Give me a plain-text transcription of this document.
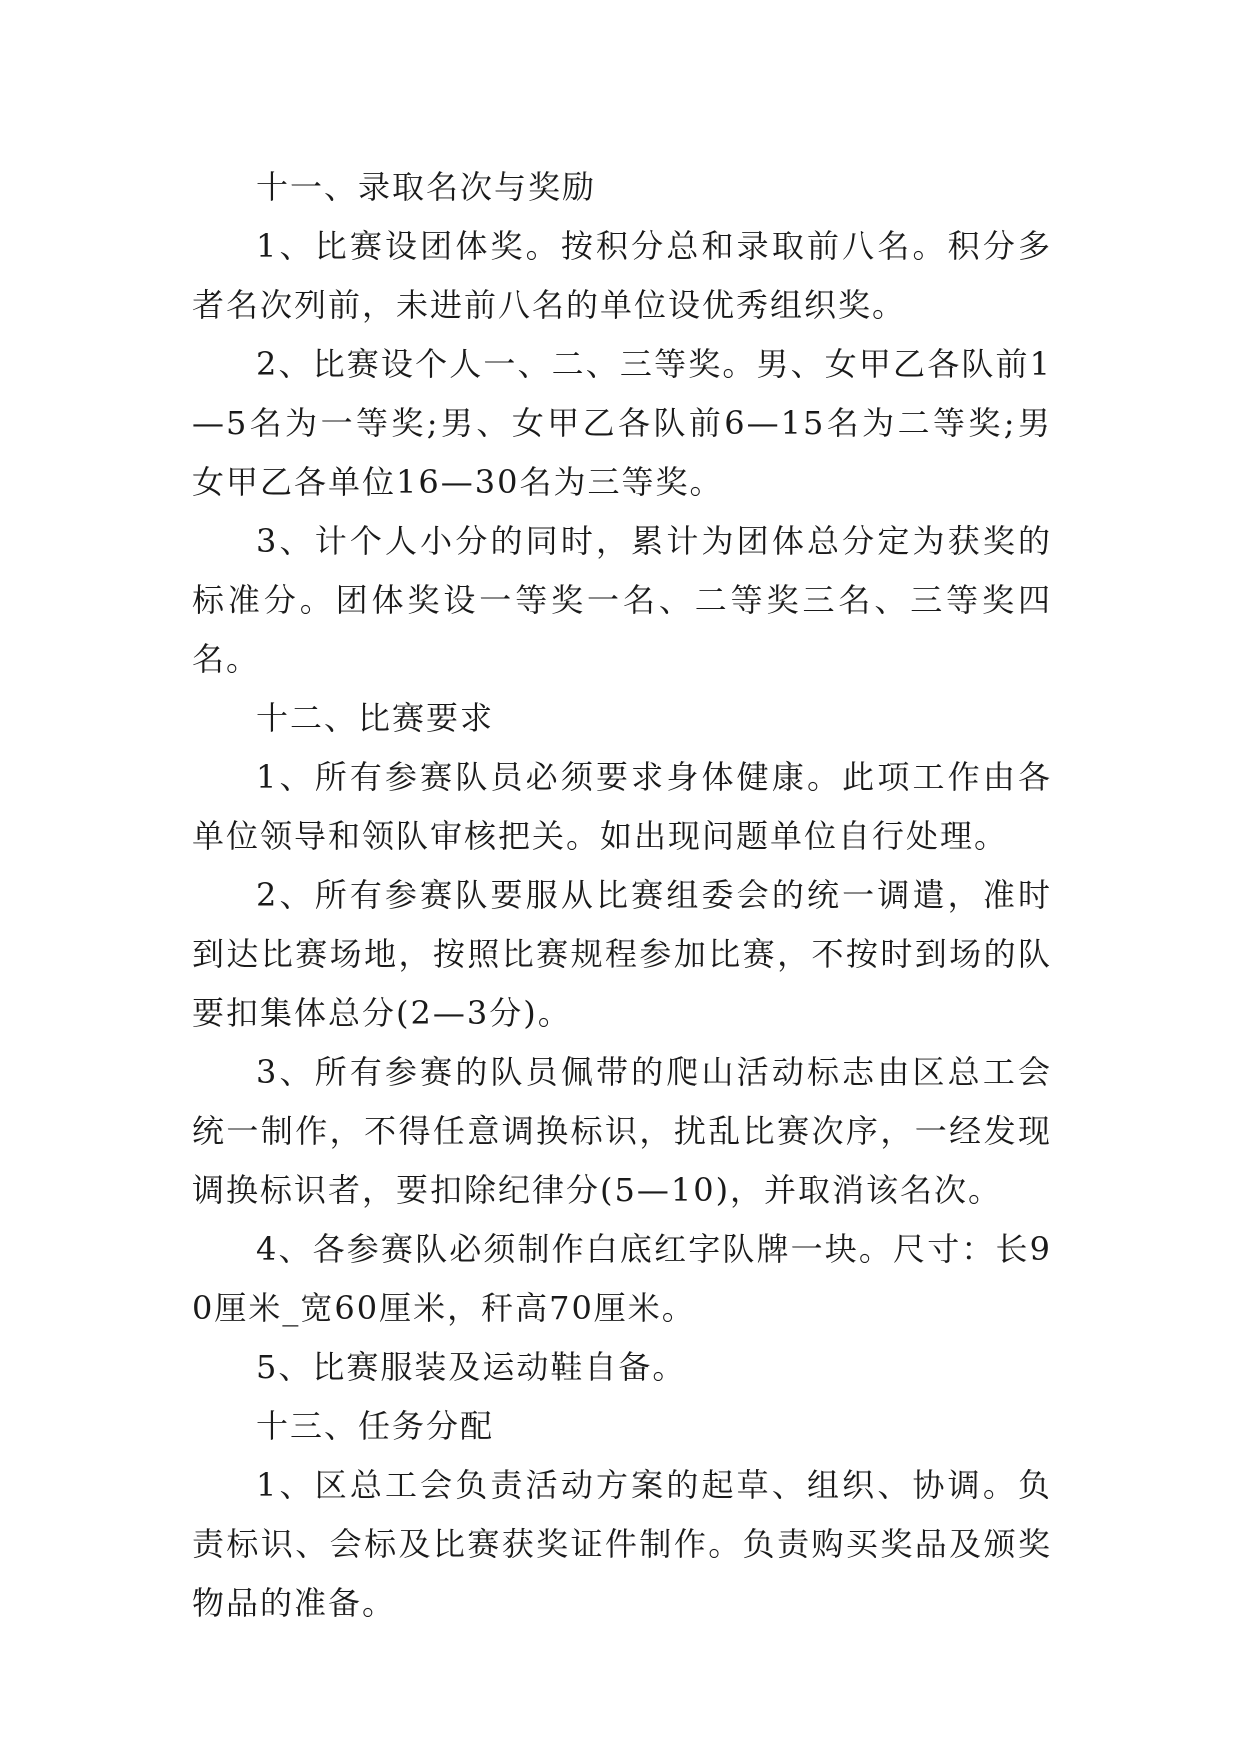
十一、录取名次与奖励

1、比赛设团体奖。按积分总和录取前八名。积分多者名次列前，未进前八名的单位设优秀组织奖。

2、比赛设个人一、二、三等奖。男、女甲乙各队前1—5名为一等奖;男、女甲乙各队前6—15名为二等奖;男女甲乙各单位16—30名为三等奖。

3、计个人小分的同时，累计为团体总分定为获奖的标准分。团体奖设一等奖一名、二等奖三名、三等奖四名。

十二、比赛要求

1、所有参赛队员必须要求身体健康。此项工作由各单位领导和领队审核把关。如出现问题单位自行处理。

2、所有参赛队要服从比赛组委会的统一调遣，准时到达比赛场地，按照比赛规程参加比赛，不按时到场的队要扣集体总分(2—3分)。

3、所有参赛的队员佩带的爬山活动标志由区总工会统一制作，不得任意调换标识，扰乱比赛次序，一经发现调换标识者，要扣除纪律分(5—10)，并取消该名次。

4、各参赛队必须制作白底红字队牌一块。尺寸：长90厘米_宽60厘米，秆高70厘米。

5、比赛服装及运动鞋自备。

十三、任务分配

1、区总工会负责活动方案的起草、组织、协调。负责标识、会标及比赛获奖证件制作。负责购买奖品及颁奖物品的准备。
